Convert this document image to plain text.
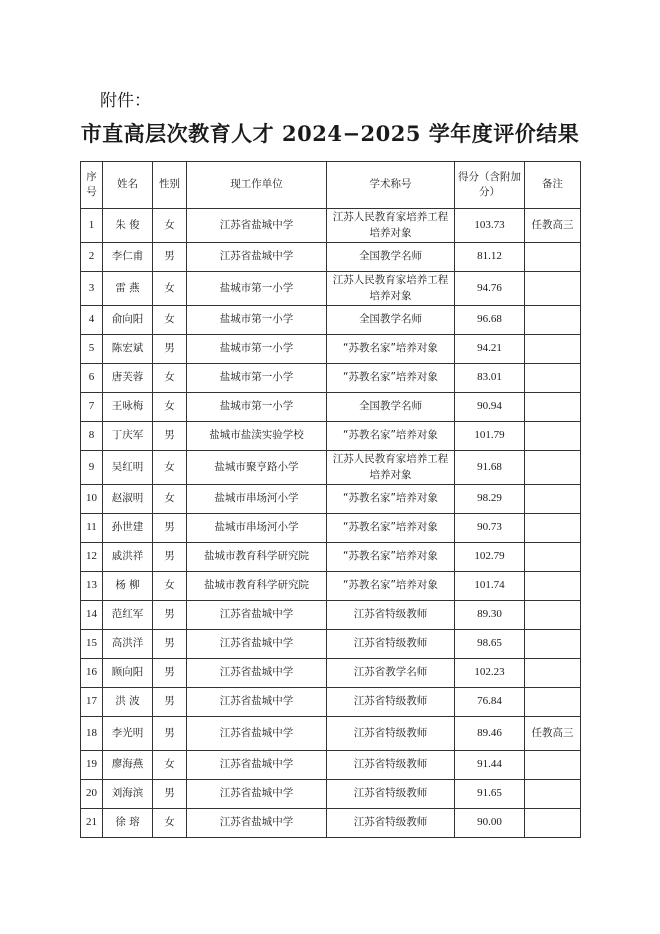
附件：
市直高层次教育人才 2024−2025 学年度评价结果
序号	姓名	性别	现工作单位	学术称号	得分（含附加分）	备注

1	朱 俊	女	江苏省盐城中学	江苏人民教育家培养工程培养对象	103.73	任教高三

2	李仁甫	男	江苏省盐城中学	全国教学名师	81.12	

3	雷 燕	女	盐城市第一小学	江苏人民教育家培养工程培养对象	94.76	

4	俞向阳	女	盐城市第一小学	全国教学名师	96.68	

5	陈宏斌	男	盐城市第一小学	“苏教名家”培养对象	94.21	

6	唐芙蓉	女	盐城市第一小学	“苏教名家”培养对象	83.01	

7	王咏梅	女	盐城市第一小学	全国教学名师	90.94	

8	丁庆军	男	盐城市盐渎实验学校	“苏教名家”培养对象	101.79	

9	吴红明	女	盐城市聚亨路小学	江苏人民教育家培养工程培养对象	91.68	

10	赵淑明	女	盐城市串场河小学	“苏教名家”培养对象	98.29	

11	孙世建	男	盐城市串场河小学	“苏教名家”培养对象	90.73	

12	戚洪祥	男	盐城市教育科学研究院	“苏教名家”培养对象	102.79	

13	杨 柳	女	盐城市教育科学研究院	“苏教名家”培养对象	101.74	

14	范红军	男	江苏省盐城中学	江苏省特级教师	89.30	

15	高洪洋	男	江苏省盐城中学	江苏省特级教师	98.65	

16	顾向阳	男	江苏省盐城中学	江苏省教学名师	102.23	

17	洪 波	男	江苏省盐城中学	江苏省特级教师	76.84	

18	李光明	男	江苏省盐城中学	江苏省特级教师	89.46	任教高三

19	廖海燕	女	江苏省盐城中学	江苏省特级教师	91.44	

20	刘海滨	男	江苏省盐城中学	江苏省特级教师	91.65	

21	徐 瑢	女	江苏省盐城中学	江苏省特级教师	90.00	
